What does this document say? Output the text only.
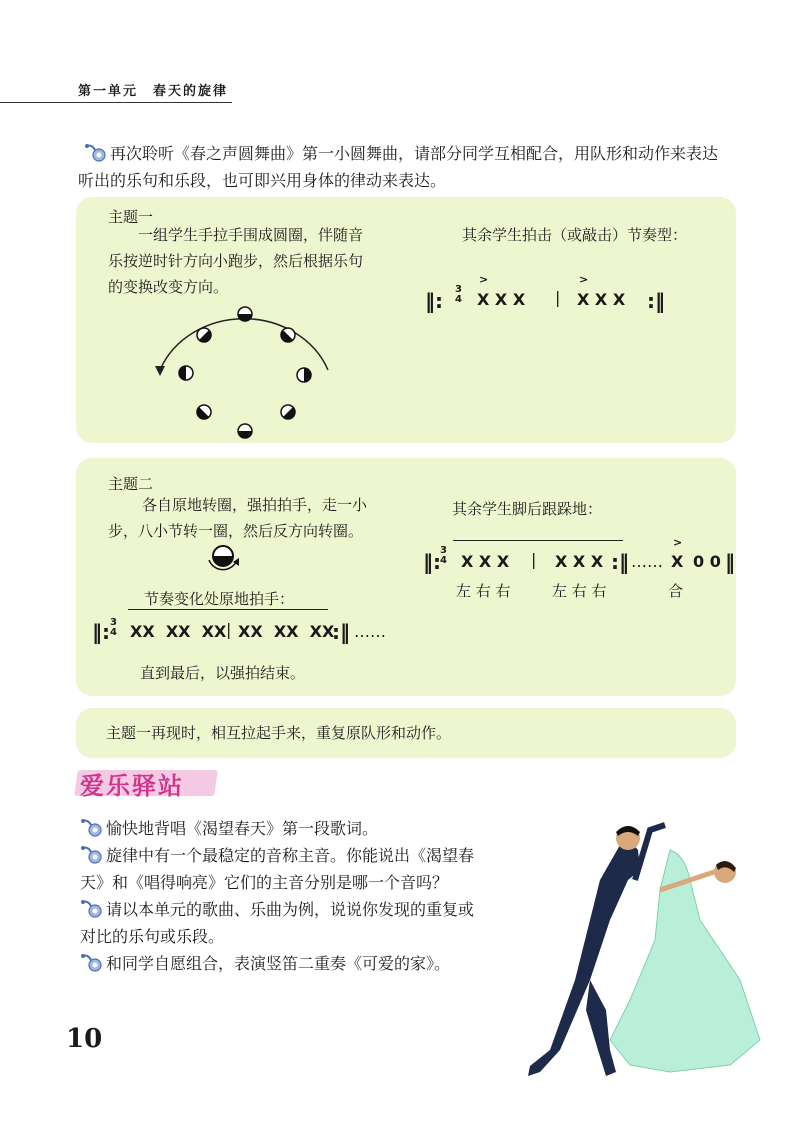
第一单元　春天的旋律
再次聆听《春之声圆舞曲》第一小圆舞曲，请部分同学互相配合，用队形和动作来表达
听出的乐句和乐段，也可即兴用身体的律动来表达。
主题一
一组学生手拉手围成圆圈，伴随音
乐按逆时针方向小跑步，然后根据乐句
的变换改变方向。
其余学生拍击（或敲击）节奏型：
‖: 3
4
>
X X X |
>
X X X :‖
主题二
各自原地转圈，强拍拍手，走一小
步，八小节转一圈，然后反方向转圈。
其余学生脚后跟跺地：
‖: 3
4 X X X | X X X :‖ ……
>
X 0 0 ‖
左 右 右	左 右 右	合
节奏变化处原地拍手：
‖: 3
4 XX  XX  XX | XX  XX  XX
:‖ ……
直到最后，以强拍结束。
主题一再现时，相互拉起手来，重复原队形和动作。
爱乐驿站
愉快地背唱《渴望春天》第一段歌词。
旋律中有一个最稳定的音称主音。你能说出《渴望春
天》和《唱得响亮》它们的主音分别是哪一个音吗？
请以本单元的歌曲、乐曲为例，说说你发现的重复或
对比的乐句或乐段。
和同学自愿组合，表演竖笛二重奏《可爱的家》。
10
